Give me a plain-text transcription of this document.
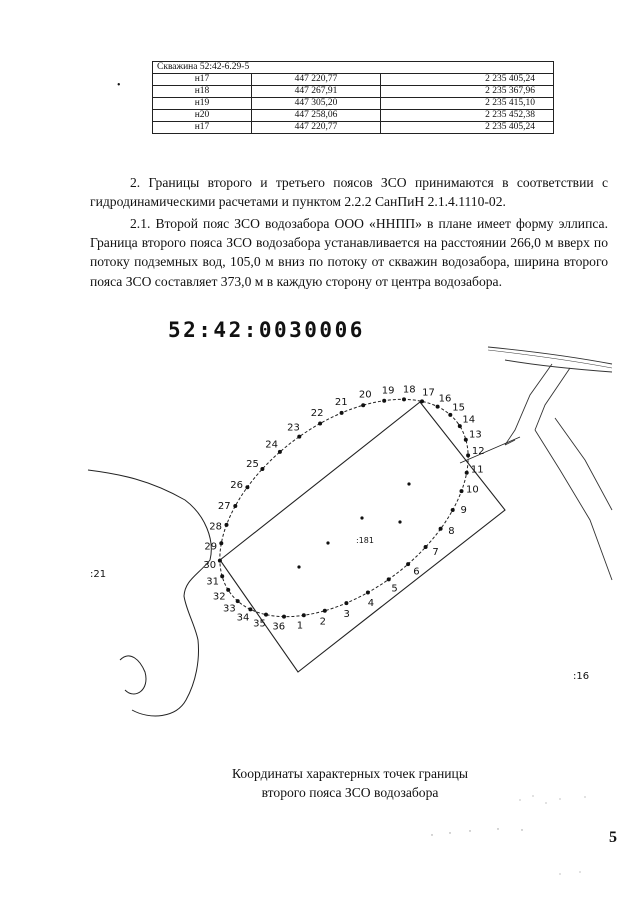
•
Скважина 52:42-6.29-5		
н17	447 220,77	2 235 405,24
н18	447 267,91	2 235 367,96
н19	447 305,20	2 235 415,10
н20	447 258,06	2 235 452,38
н17	447 220,77	2 235 405,24

2. Границы второго и третьего поясов ЗСО принимаются в соответствии с гидродинамическими расчетами и пунктом 2.2.2 СанПиН 2.1.4.1110-02.

2.1. Второй пояс ЗСО водозабора ООО «ННПП» в плане имеет форму эллипса. Граница второго пояса ЗСО водозабора устанавливается на расстоянии 266,0 м вверх по потоку подземных вод, 105,0 м вниз по потоку от скважин водозабора, ширина второго пояса ЗСО составляет 373,0 м в каждую сторону от центра водозабора.

52:42:0030006

1 2
3
4
5
6
7
8
9
10
11
12
13
14
15
16
17
18
19
20
21
22
23
24
25
26
27
28
29
30
31
32
33
34
35 36
:181
:21
:16
Координаты характерных точек границы
второго пояса ЗСО водозабора

5
